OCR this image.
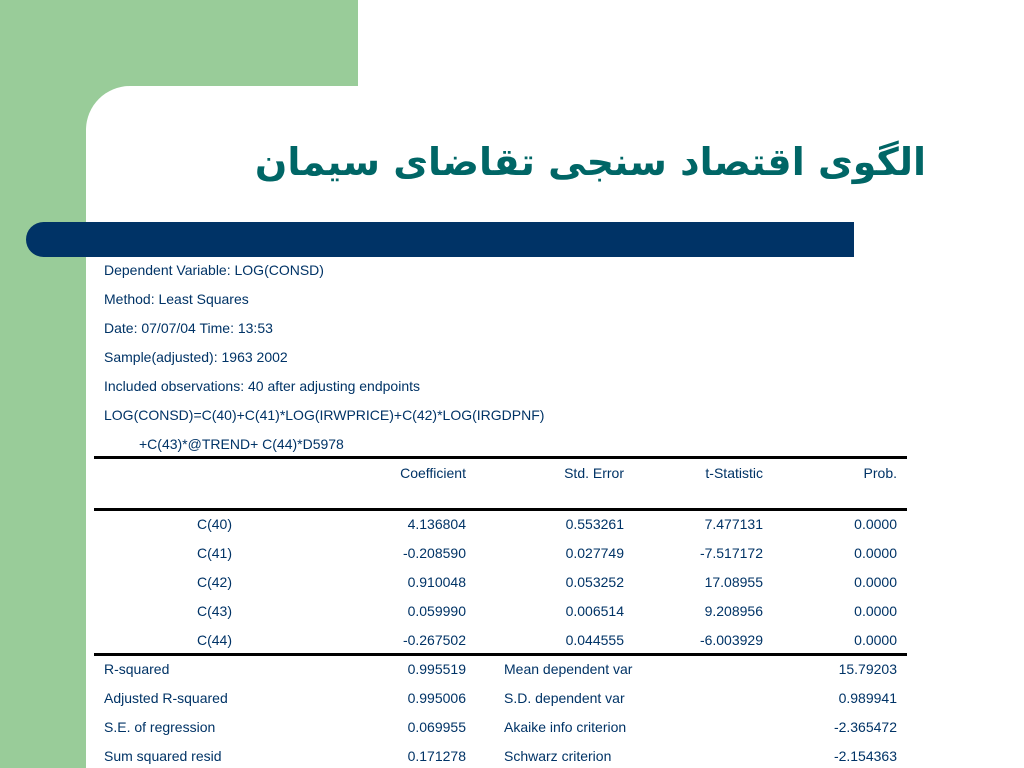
الگوی اقتصاد سنجی تقاضای سیمان
Dependent Variable: LOG(CONSD)
Method: Least Squares
Date: 07/07/04 Time: 13:53
Sample(adjusted): 1963 2002
Included observations: 40 after adjusting endpoints
LOG(CONSD)=C(40)+C(41)*LOG(IRWPRICE)+C(42)*LOG(IRGDPNF)
+C(43)*@TREND+ C(44)*D5978
Coefficient	Std. Error	t-Statistic	Prob.
C(40)	4.136804	0.553261	7.477131	0.0000
C(41)	-0.208590	0.027749	-7.517172	0.0000
C(42)	0.910048	0.053252	17.08955	0.0000
C(43)	0.059990	0.006514	9.208956	0.0000
C(44)	-0.267502	0.044555	-6.003929	0.0000
R-squared	0.995519	Mean dependent var	15.79203
Adjusted R-squared	0.995006	S.D. dependent var	0.989941
S.E. of regression	0.069955	Akaike info criterion	-2.365472
Sum squared resid	0.171278	Schwarz criterion	-2.154363
